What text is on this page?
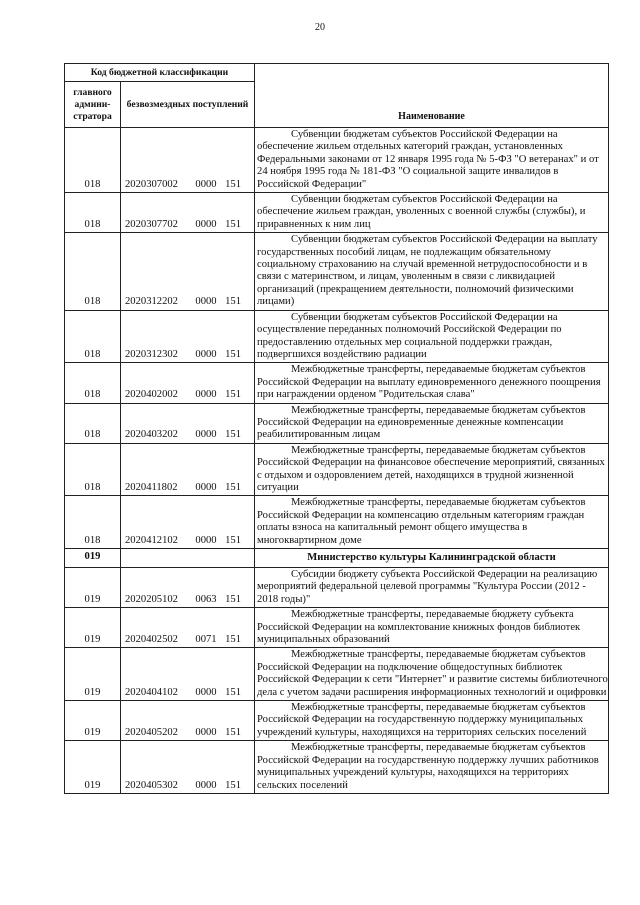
20
Код бюджетной классификации		Наименование
главного админи-стратора	безвозмездных поступлений	
018	2020307002 0000 151	Субвенции бюджетам субъектов Российской Федерации на обеспечение жильем отдельных категорий граждан, установленных Федеральными законами от 12 января 1995 года № 5-ФЗ "О ветеранах" и от 24 ноября 1995 года № 181-ФЗ "О социальной защите инвалидов в Российской Федерации"
018	2020307702 0000 151	Субвенции бюджетам субъектов Российской Федерации на обеспечение жильем граждан, уволенных с военной службы (службы), и приравненных к ним лиц
018	2020312202 0000 151	Субвенции бюджетам субъектов Российской Федерации на выплату государственных пособий лицам, не подлежащим обязательному социальному страхованию на случай временной нетрудоспособности и в связи с материнством, и лицам, уволенным в связи с ликвидацией организаций (прекращением деятельности, полномочий физическими лицами)
018	2020312302 0000 151	Субвенции бюджетам субъектов Российской Федерации на осуществление переданных полномочий Российской Федерации по предоставлению отдельных мер социальной поддержки граждан, подвергшихся воздействию радиации
018	2020402002 0000 151	Межбюджетные трансферты, передаваемые бюджетам субъектов Российской Федерации на выплату единовременного денежного поощрения при награждении орденом "Родительская слава"
018	2020403202 0000 151	Межбюджетные трансферты, передаваемые бюджетам субъектов Российской Федерации на единовременные денежные компенсации реабилитированным лицам
018	2020411802 0000 151	Межбюджетные трансферты, передаваемые бюджетам субъектов Российской Федерации на финансовое обеспечение мероприятий, связанных с отдыхом и оздоровлением детей, находящихся в трудной жизненной ситуации
018	2020412102 0000 151	Межбюджетные трансферты, передаваемые бюджетам субъектов Российской Федерации на компенсацию отдельным категориям граждан оплаты взноса на капитальный ремонт общего имущества в многоквартирном доме
019		Министерство культуры Калининградской области
019	2020205102 0063 151	Субсидии бюджету субъекта Российской Федерации на реализацию мероприятий федеральной целевой программы "Культура России (2012 - 2018 годы)"
019	2020402502 0071 151	Межбюджетные трансферты, передаваемые бюджету субъекта Российской Федерации на комплектование книжных фондов библиотек муниципальных образований
019	2020404102 0000 151	Межбюджетные трансферты, передаваемые бюджетам субъектов Российской Федерации на подключение общедоступных библиотек Российской Федерации к сети "Интернет" и развитие системы библиотечного дела с учетом задачи расширения информационных технологий и оцифровки
019	2020405202 0000 151	Межбюджетные трансферты, передаваемые бюджетам субъектов Российской Федерации на государственную поддержку муниципальных учреждений культуры, находящихся на территориях сельских поселений
019	2020405302 0000 151	Межбюджетные трансферты, передаваемые бюджетам субъектов Российской Федерации на государственную поддержку лучших работников муниципальных учреждений культуры, находящихся на территориях сельских поселений
